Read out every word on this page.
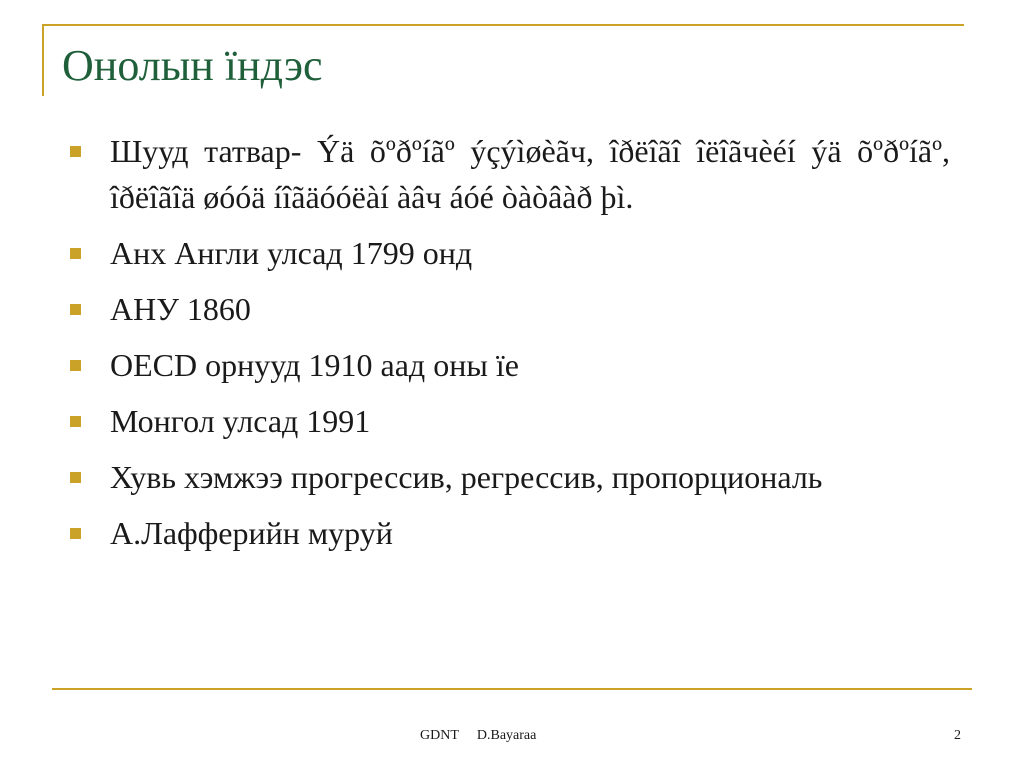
Онолын їндэс
Шууд татвар- Ýä õºðºíãº ýçýìøèãч, îðëîãî îëîãчèéí ýä õºðºíãº, îðëîãîä øóóä íîãäóóëàí àâч áóé òàòâàð þì.
Анх Англи улсад 1799 онд
АНУ 1860
OECD орнууд 1910 аад оны їе
Монгол улсад 1991
Хувь хэмжээ прогрессив, регрессив, пропорциональ
А.Лафферийн муруй
GDNT D.Bayaraa	2
